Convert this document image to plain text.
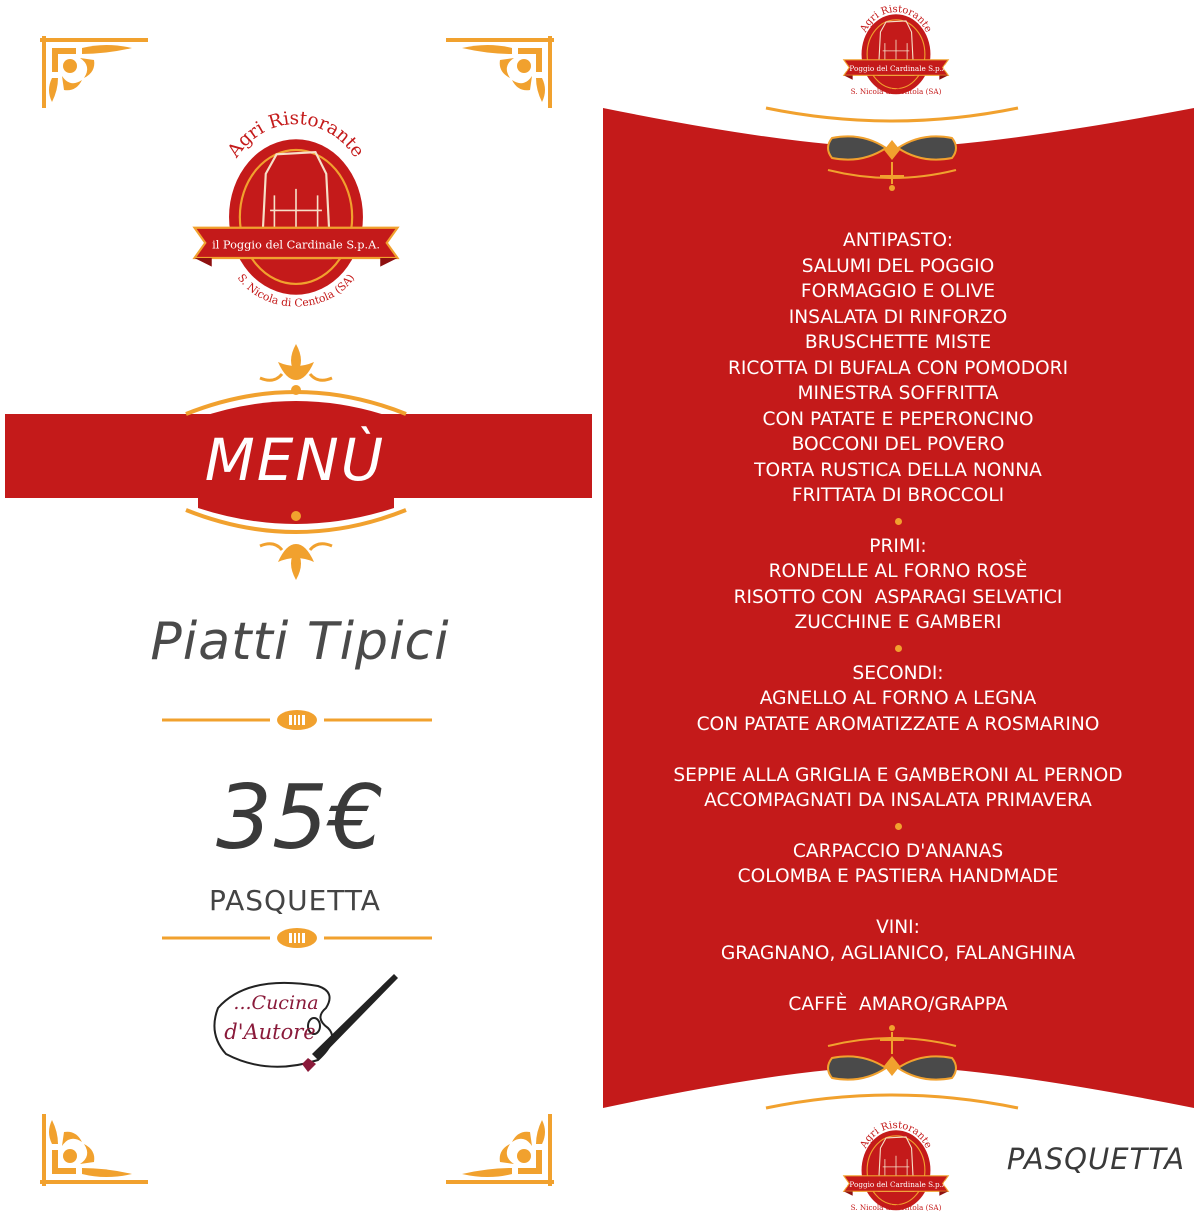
Agri Ristorante
il Poggio del Cardinale S.p.A.
S. Nicola di Centola (SA)
MENÙ
Piatti Tipici
35€
PASQUETTA
...Cucina
d'Autore
Agri Ristorante
il Poggio del Cardinale S.p.A.
S. Nicola di Centola (SA)
Agri Ristorante
il Poggio del Cardinale S.p.A.
S. Nicola di Centola (SA)
ANTIPASTO:
SALUMI DEL POGGIO
FORMAGGIO E OLIVE
INSALATA DI RINFORZO
BRUSCHETTE MISTE
RICOTTA DI BUFALA CON POMODORI
MINESTRA SOFFRITTA
CON PATATE E PEPERONCINO
BOCCONI DEL POVERO
TORTA RUSTICA DELLA NONNA
FRITTATA DI BROCCOLI
PRIMI:
RONDELLE AL FORNO ROSÈ
RISOTTO CON  ASPARAGI SELVATICI
ZUCCHINE E GAMBERI
SECONDI:
AGNELLO AL FORNO A LEGNA
CON PATATE AROMATIZZATE A ROSMARINO
SEPPIE ALLA GRIGLIA E GAMBERONI AL PERNOD
ACCOMPAGNATI DA INSALATA PRIMAVERA
CARPACCIO D'ANANAS
COLOMBA E PASTIERA HANDMADE
VINI:
GRAGNANO, AGLIANICO, FALANGHINA
CAFFÈ  AMARO/GRAPPA
PASQUETTA
